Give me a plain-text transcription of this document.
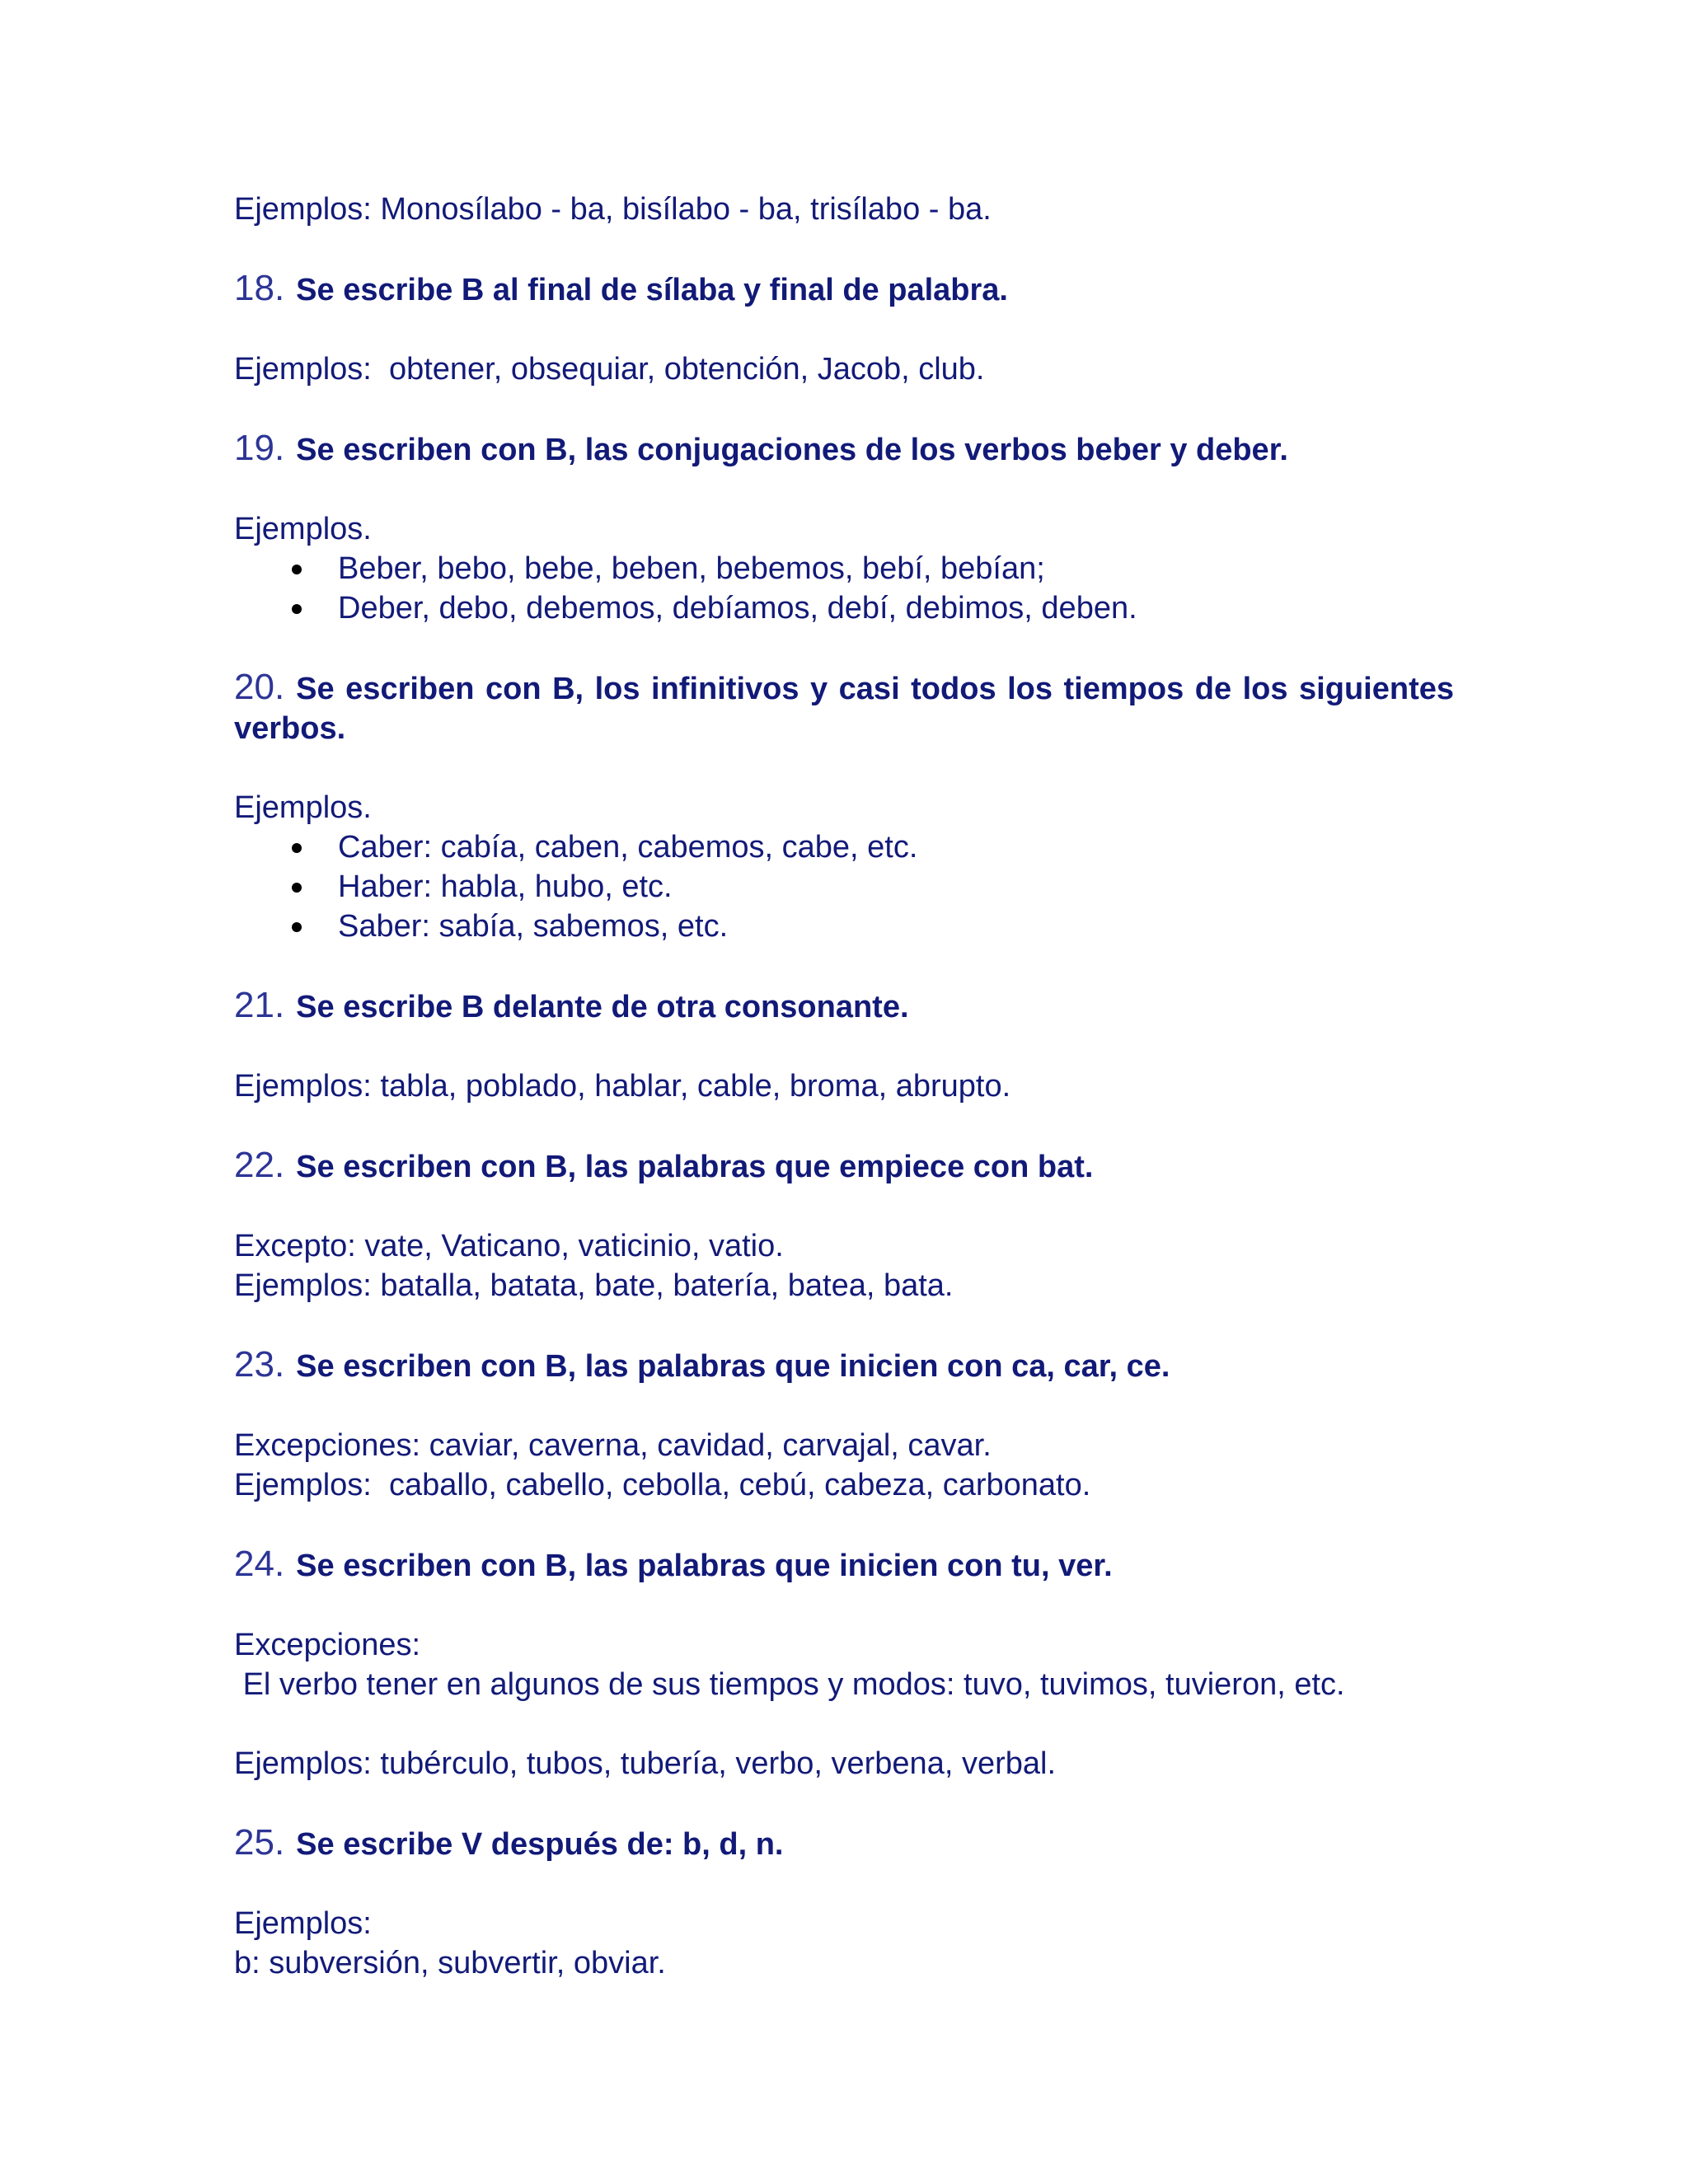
Ejemplos: Monosílabo - ba, bisílabo - ba, trisílabo - ba.

18. Se escribe B al final de sílaba y final de palabra.

Ejemplos:  obtener, obsequiar, obtención, Jacob, club.

19. Se escriben con B, las conjugaciones de los verbos beber y deber.

Ejemplos.

Beber, bebo, bebe, beben, bebemos, bebí, bebían;
Deber, debo, debemos, debíamos, debí, debimos, deben.

20. Se escriben con B, los infinitivos y casi todos los tiempos de los siguientes verbos.

Ejemplos.

Caber: cabía, caben, cabemos, cabe, etc.
Haber: habla, hubo, etc.
Saber: sabía, sabemos, etc.

21. Se escribe B delante de otra consonante.

Ejemplos: tabla, poblado, hablar, cable, broma, abrupto.

22. Se escriben con B, las palabras que empiece con bat.

Excepto: vate, Vaticano, vaticinio, vatio.

Ejemplos: batalla, batata, bate, batería, batea, bata.

23. Se escriben con B, las palabras que inicien con ca, car, ce.

Excepciones: caviar, caverna, cavidad, carvajal, cavar.

Ejemplos:  caballo, cabello, cebolla, cebú, cabeza, carbonato.

24. Se escriben con B, las palabras que inicien con tu, ver.

Excepciones:

El verbo tener en algunos de sus tiempos y modos: tuvo, tuvimos, tuvieron, etc.

Ejemplos: tubérculo, tubos, tubería, verbo, verbena, verbal.

25. Se escribe V después de: b, d, n.

Ejemplos:

b: subversión, subvertir, obviar.
